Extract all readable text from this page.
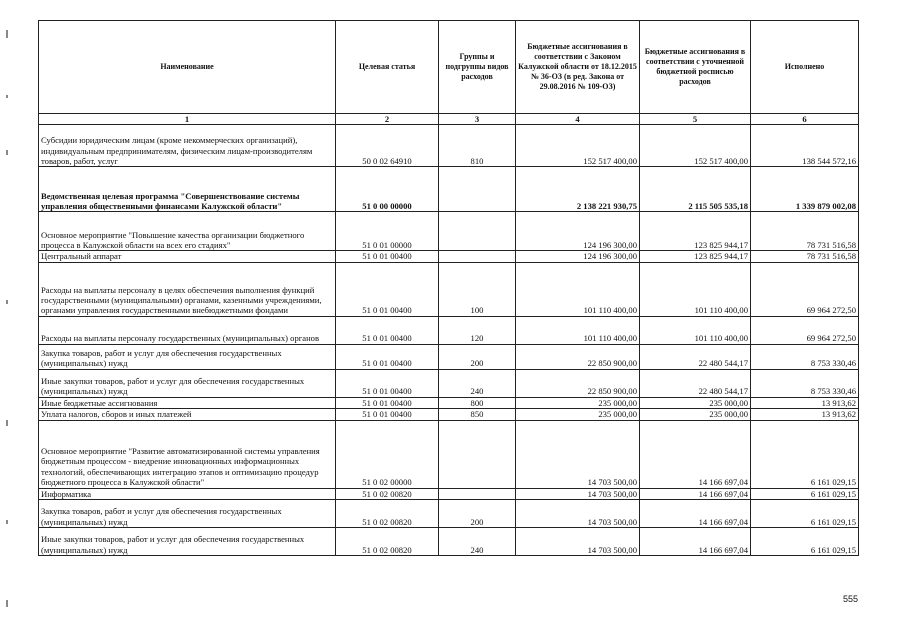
Наименование	Целевая статья	Группы и подгруппы видов расходов	Бюджетные ассигнования в соответствии с Законом Калужской области от 18.12.2015 № 36-ОЗ (в ред. Закона от 29.08.2016 № 109-ОЗ)	Бюджетные ассигнования в соответствии с уточненной бюджетной росписью расходов	Исполнено
1	2	3	4	5	6
Субсидии юридическим лицам (кроме некоммерческих организаций), индивидуальным предпринимателям, физическим лицам-производителям товаров, работ, услуг	50 0 02 64910	810	152 517 400,00	152 517 400,00	138 544 572,16
Ведомственная целевая программа "Совершенствование системы управления общественными финансами Калужской области"	51 0 00 00000		2 138 221 930,75	2 115 505 535,18	1 339 879 002,08
Основное мероприятие "Повышение качества организации бюджетного процесса в Калужской области на всех его стадиях"	51 0 01 00000		124 196 300,00	123 825 944,17	78 731 516,58
Центральный аппарат	51 0 01 00400		124 196 300,00	123 825 944,17	78 731 516,58
Расходы на выплаты персоналу в целях обеспечения выполнения функций государственными (муниципальными) органами, казенными учреждениями, органами управления государственными внебюджетными фондами	51 0 01 00400	100	101 110 400,00	101 110 400,00	69 964 272,50
Расходы на выплаты персоналу государственных (муниципальных) органов	51 0 01 00400	120	101 110 400,00	101 110 400,00	69 964 272,50
Закупка товаров, работ и услуг для обеспечения государственных (муниципальных) нужд	51 0 01 00400	200	22 850 900,00	22 480 544,17	8 753 330,46
Иные закупки товаров, работ и услуг для обеспечения государственных (муниципальных) нужд	51 0 01 00400	240	22 850 900,00	22 480 544,17	8 753 330,46
Иные бюджетные ассигнования	51 0 01 00400	800	235 000,00	235 000,00	13 913,62
Уплата налогов, сборов и иных платежей	51 0 01 00400	850	235 000,00	235 000,00	13 913,62
Основное мероприятие "Развитие автоматизированной системы управления бюджетным процессом - внедрение инновационных информационных технологий, обеспечивающих интеграцию этапов и оптимизацию процедур бюджетного процесса в Калужской области"	51 0 02 00000		14 703 500,00	14 166 697,04	6 161 029,15
Информатика	51 0 02 00820		14 703 500,00	14 166 697,04	6 161 029,15
Закупка товаров, работ и услуг для обеспечения государственных (муниципальных) нужд	51 0 02 00820	200	14 703 500,00	14 166 697,04	6 161 029,15
Иные закупки товаров, работ и услуг для обеспечения государственных (муниципальных) нужд	51 0 02 00820	240	14 703 500,00	14 166 697,04	6 161 029,15
555
